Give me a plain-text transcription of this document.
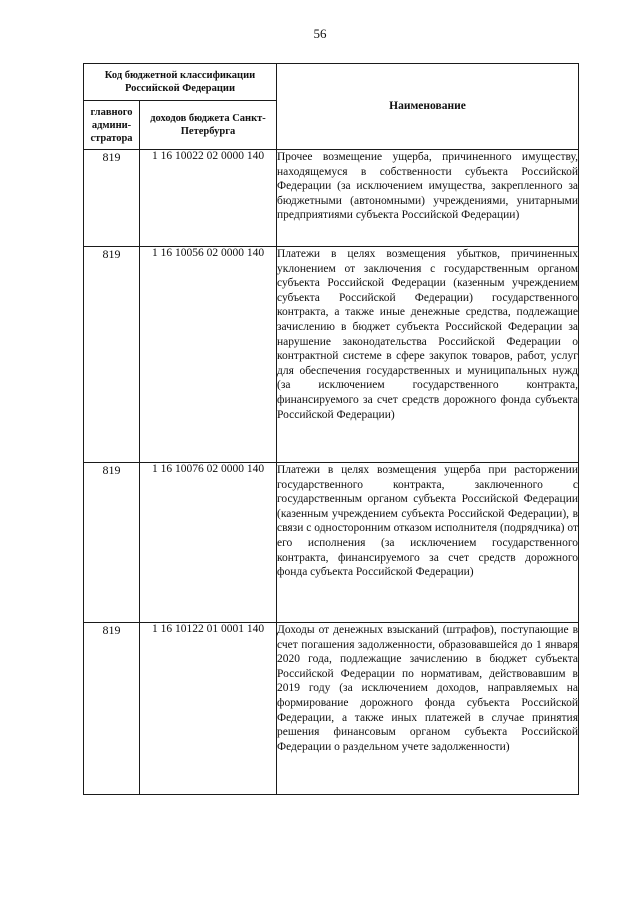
56
Код бюджетной классификации Российской Федерации		Наименование
главного админи-стратора	доходов бюджета Санкт-Петербурга	
819	1 16 10022 02 0000 140	Прочее возмещение ущерба, причиненного имуществу, находящемуся в собственности субъекта Российской Федерации (за исключением имущества, закрепленного за бюджетными (автономными) учреждениями, унитарными предприятиями субъекта Российской Федерации)

819	1 16 10056 02 0000 140	Платежи в целях возмещения убытков, причиненных уклонением от заключения с государственным органом субъекта Российской Федерации (казенным учреждением субъекта Российской Федерации) государственного контракта, а также иные денежные средства, подлежащие зачислению в бюджет субъекта Российской Федерации за нарушение законодательства Российской Федерации о контрактной системе в сфере закупок товаров, работ, услуг для обеспечения государственных и муниципальных нужд (за исключением государственного контракта, финансируемого за счет средств дорожного фонда субъекта Российской Федерации)

819	1 16 10076 02 0000 140	Платежи в целях возмещения ущерба при расторжении государственного контракта, заключенного с государственным органом субъекта Российской Федерации (казенным учреждением субъекта Российской Федерации), в связи с односторонним отказом исполнителя (подрядчика) от его исполнения (за исключением государственного контракта, финансируемого за счет средств дорожного фонда субъекта Российской Федерации)

819	1 16 10122 01 0001 140	Доходы от денежных взысканий (штрафов), поступающие в счет погашения задолженности, образовавшейся до 1 января 2020 года, подлежащие зачислению в бюджет субъекта Российской Федерации по нормативам, действовавшим в 2019 году (за исключением доходов, направляемых на формирование дорожного фонда субъекта Российской Федерации, а также иных платежей в случае принятия решения финансовым органом субъекта Российской Федерации о раздельном учете задолженности)
